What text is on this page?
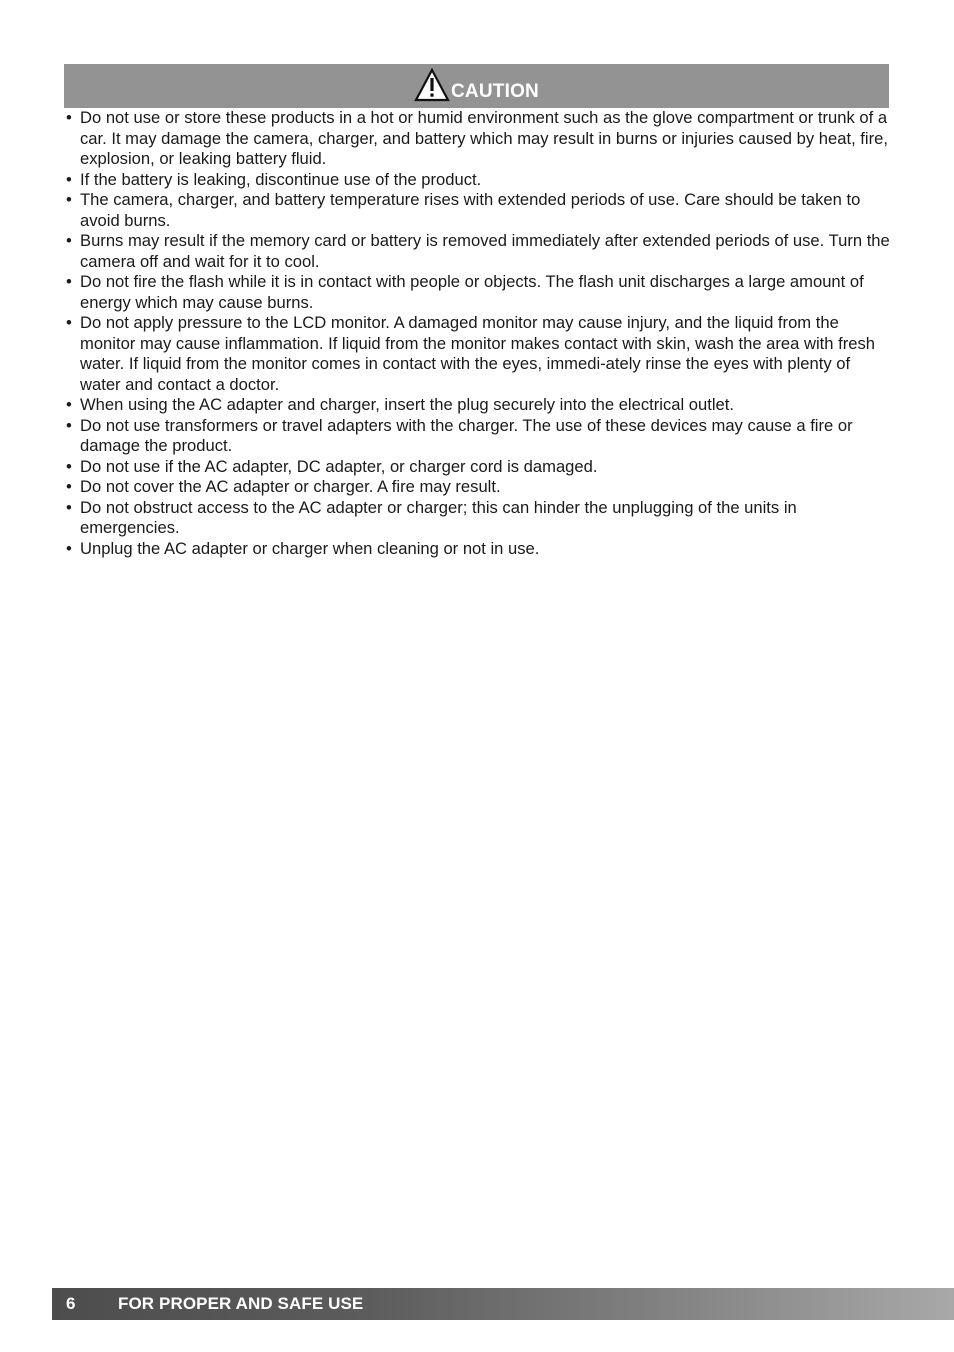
CAUTION
• Do not use or store these products in a hot or humid environment such as the glove compartment or trunk of a car. It may damage the camera, charger, and battery which may result in burns or injuries caused by heat, fire, explosion, or leaking battery fluid.
• If the battery is leaking, discontinue use of the product.
• The camera, charger, and battery temperature rises with extended periods of use. Care should be taken to avoid burns.
• Burns may result if the memory card or battery is removed immediately after extended periods of use. Turn the camera off and wait for it to cool.
• Do not fire the flash while it is in contact with people or objects. The flash unit discharges a large amount of energy which may cause burns.
• Do not apply pressure to the LCD monitor. A damaged monitor may cause injury, and the liquid from the monitor may cause inflammation. If liquid from the monitor makes contact with skin, wash the area with fresh water. If liquid from the monitor comes in contact with the eyes, immedi-ately rinse the eyes with plenty of water and contact a doctor.
• When using the AC adapter and charger, insert the plug securely into the electrical outlet.
• Do not use transformers or travel adapters with the charger. The use of these devices may cause a fire or damage the product.
• Do not use if the AC adapter, DC adapter, or charger cord is damaged.
• Do not cover the AC adapter or charger. A fire may result.
• Do not obstruct access to the AC adapter or charger; this can hinder the unplugging of the units in emergencies.
• Unplug the AC adapter or charger when cleaning or not in use.
6	FOR PROPER AND SAFE USE
